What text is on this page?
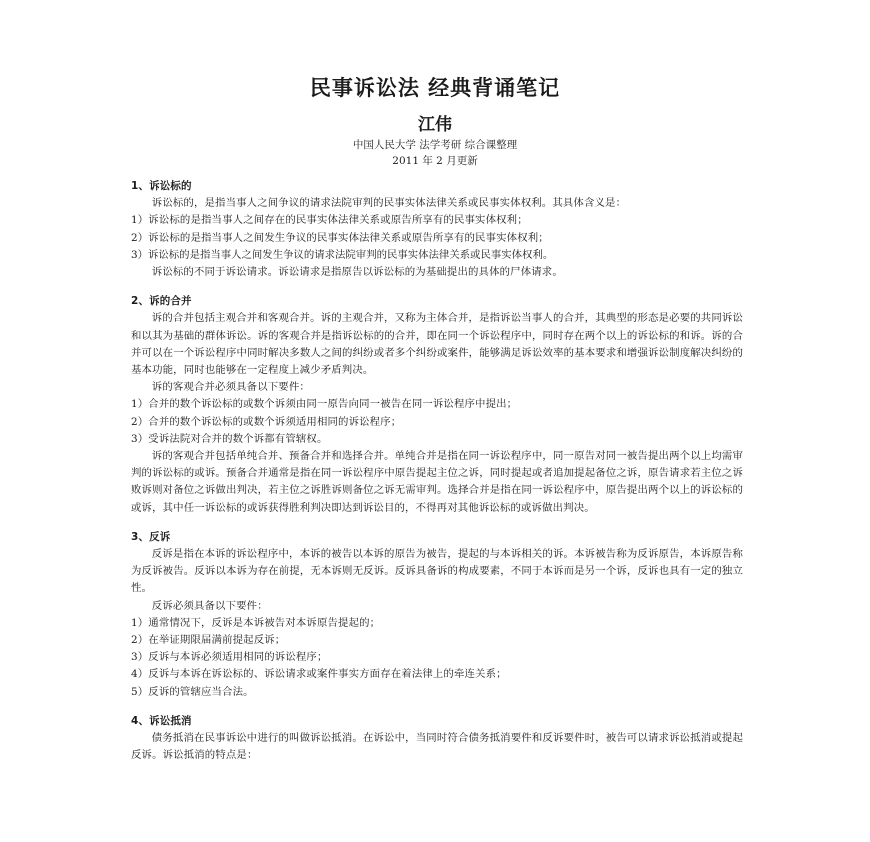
民事诉讼法 经典背诵笔记
江伟
中国人民大学 法学考研 综合课整理
2011 年 2 月更新
1、诉讼标的
诉讼标的，是指当事人之间争议的请求法院审判的民事实体法律关系或民事实体权利。其具体含义是：
1）诉讼标的是指当事人之间存在的民事实体法律关系或原告所享有的民事实体权利；
2）诉讼标的是指当事人之间发生争议的民事实体法律关系或原告所享有的民事实体权利；
3）诉讼标的是指当事人之间发生争议的请求法院审判的民事实体法律关系或民事实体权利。
诉讼标的不同于诉讼请求。诉讼请求是指原告以诉讼标的为基础提出的具体的尸体请求。
2、诉的合并
诉的合并包括主观合并和客观合并。诉的主观合并，又称为主体合并，是指诉讼当事人的合并，其典型的形态是必要的共同诉讼和以其为基础的群体诉讼。诉的客观合并是指诉讼标的的合并，即在同一个诉讼程序中，同时存在两个以上的诉讼标的和诉。诉的合并可以在一个诉讼程序中同时解决多数人之间的纠纷或者多个纠纷或案件，能够满足诉讼效率的基本要求和增强诉讼制度解决纠纷的基本功能，同时也能够在一定程度上减少矛盾判决。
诉的客观合并必须具备以下要件：
1）合并的数个诉讼标的或数个诉须由同一原告向同一被告在同一诉讼程序中提出；
2）合并的数个诉讼标的或数个诉须适用相同的诉讼程序；
3）受诉法院对合并的数个诉都有管辖权。
诉的客观合并包括单纯合并、预备合并和选择合并。单纯合并是指在同一诉讼程序中，同一原告对同一被告提出两个以上均需审判的诉讼标的或诉。预备合并通常是指在同一诉讼程序中原告提起主位之诉，同时提起或者追加提起备位之诉，原告请求若主位之诉败诉则对备位之诉做出判决，若主位之诉胜诉则备位之诉无需审判。选择合并是指在同一诉讼程序中，原告提出两个以上的诉讼标的或诉，其中任一诉讼标的或诉获得胜利判决即达到诉讼目的，不得再对其他诉讼标的或诉做出判决。
3、反诉
反诉是指在本诉的诉讼程序中，本诉的被告以本诉的原告为被告，提起的与本诉相关的诉。本诉被告称为反诉原告，本诉原告称为反诉被告。反诉以本诉为存在前提，无本诉则无反诉。反诉具备诉的构成要素，不同于本诉而是另一个诉，反诉也具有一定的独立性。
反诉必须具备以下要件：
1）通常情况下，反诉是本诉被告对本诉原告提起的；
2）在举证期限届满前提起反诉；
3）反诉与本诉必须适用相同的诉讼程序；
4）反诉与本诉在诉讼标的、诉讼请求或案件事实方面存在着法律上的牵连关系；
5）反诉的管辖应当合法。
4、诉讼抵消
债务抵消在民事诉讼中进行的叫做诉讼抵消。在诉讼中，当同时符合债务抵消要件和反诉要件时，被告可以请求诉讼抵消或提起反诉。诉讼抵消的特点是：
